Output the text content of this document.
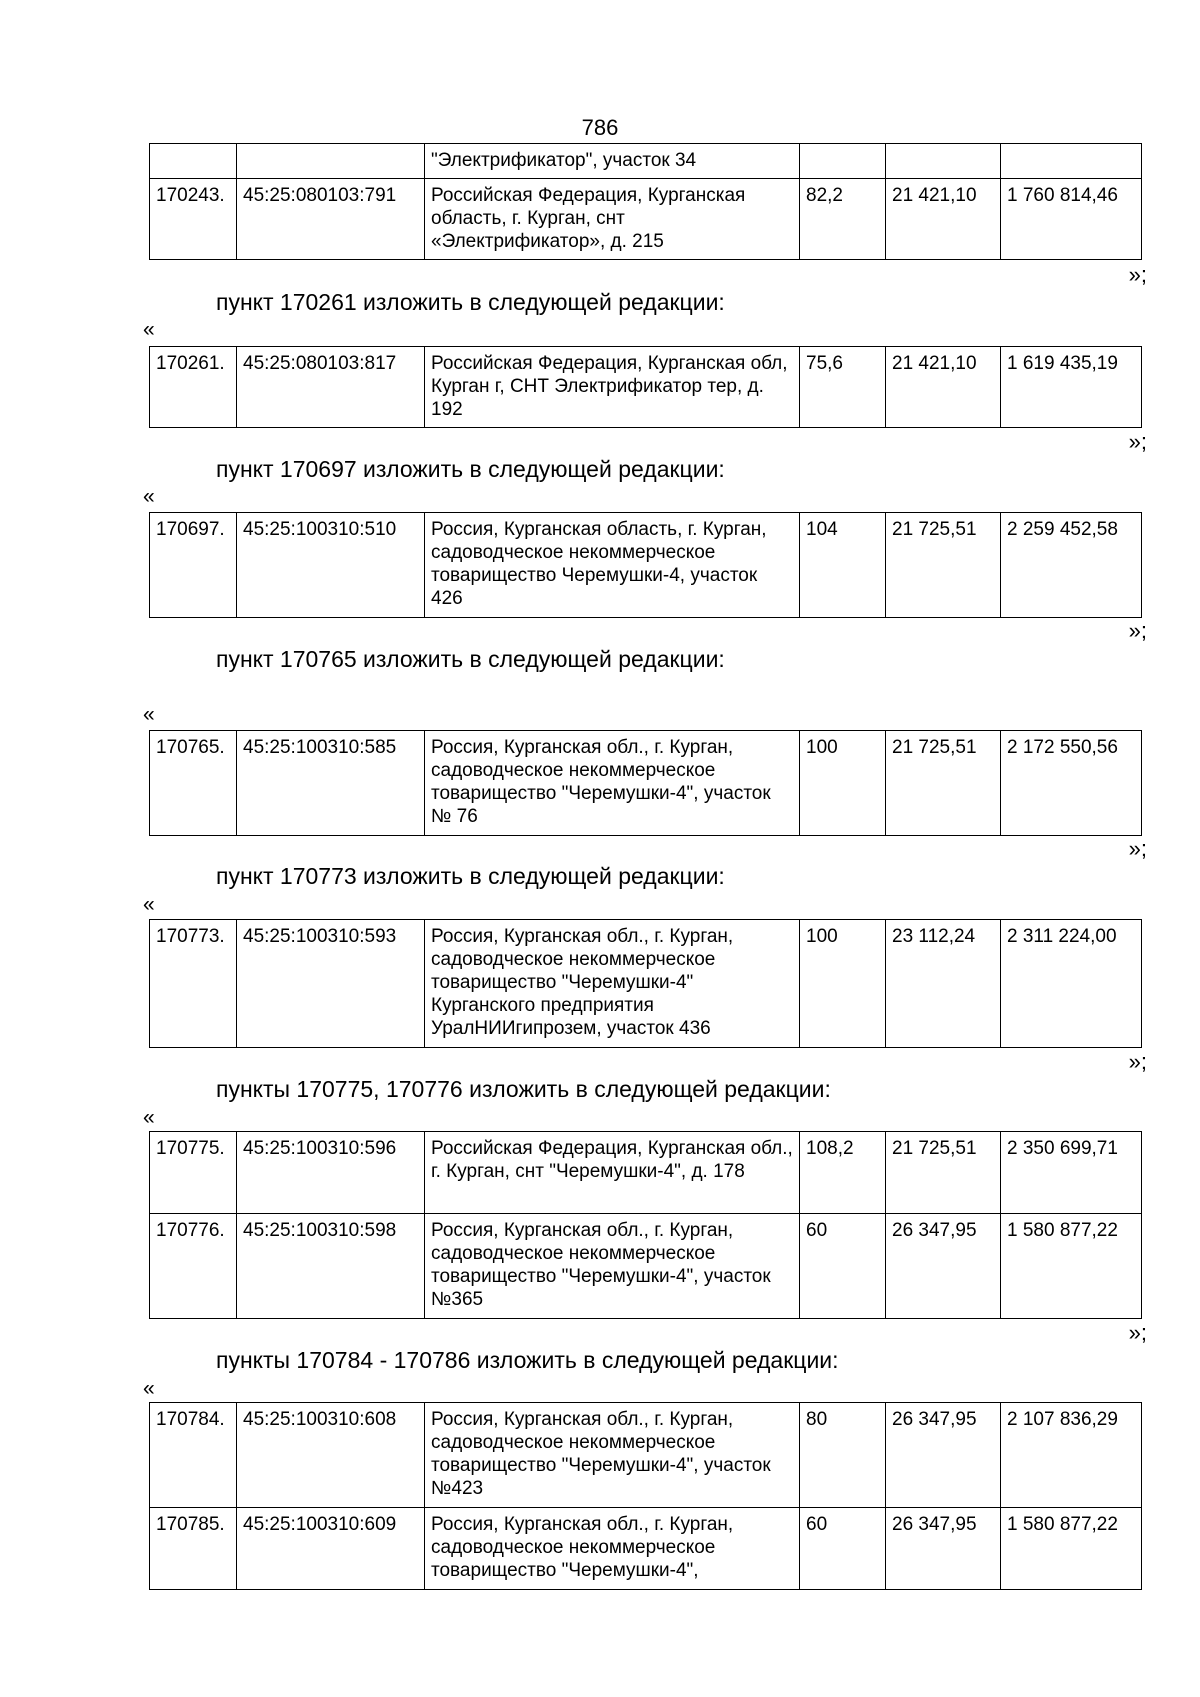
786
		"Электрификатор", участок 34			
170243.	45:25:080103:791	Российская Федерация, Курганская область, г. Курган, снт «Электрификатор», д. 215	82,2	21 421,10	1 760 814,46
»;
пункт 170261 изложить в следующей редакции:
«
170261.	45:25:080103:817	Российская Федерация, Курганская обл, Курган г, СНТ Электрификатор тер, д. 192	75,6	21 421,10	1 619 435,19
»;
пункт 170697 изложить в следующей редакции:
«
170697.	45:25:100310:510	Россия, Курганская область, г. Курган, садоводческое некоммерческое товарищество Черемушки-4, участок 426	104	21 725,51	2 259 452,58
»;
пункт 170765 изложить в следующей редакции:
«
170765.	45:25:100310:585	Россия, Курганская обл., г. Курган, садоводческое некоммерческое товарищество "Черемушки-4", участок № 76	100	21 725,51	2 172 550,56
»;
пункт 170773 изложить в следующей редакции:
«
170773.	45:25:100310:593	Россия, Курганская обл., г. Курган, садоводческое некоммерческое товарищество "Черемушки-4" Курганского предприятия УралНИИгипрозем, участок 436	100	23 112,24	2 311 224,00
»;
пункты 170775, 170776 изложить в следующей редакции:
«
170775.	45:25:100310:596	Российская Федерация, Курганская обл., г. Курган, снт "Черемушки-4", д. 178	108,2	21 725,51	2 350 699,71
170776.	45:25:100310:598	Россия, Курганская обл., г. Курган, садоводческое некоммерческое товарищество "Черемушки-4", участок №365	60	26 347,95	1 580 877,22
»;
пункты 170784 - 170786 изложить в следующей редакции:
«
170784.	45:25:100310:608	Россия, Курганская обл., г. Курган, садоводческое некоммерческое товарищество "Черемушки-4", участок №423	80	26 347,95	2 107 836,29
170785.	45:25:100310:609	Россия, Курганская обл., г. Курган, садоводческое некоммерческое товарищество "Черемушки-4",	60	26 347,95	1 580 877,22
